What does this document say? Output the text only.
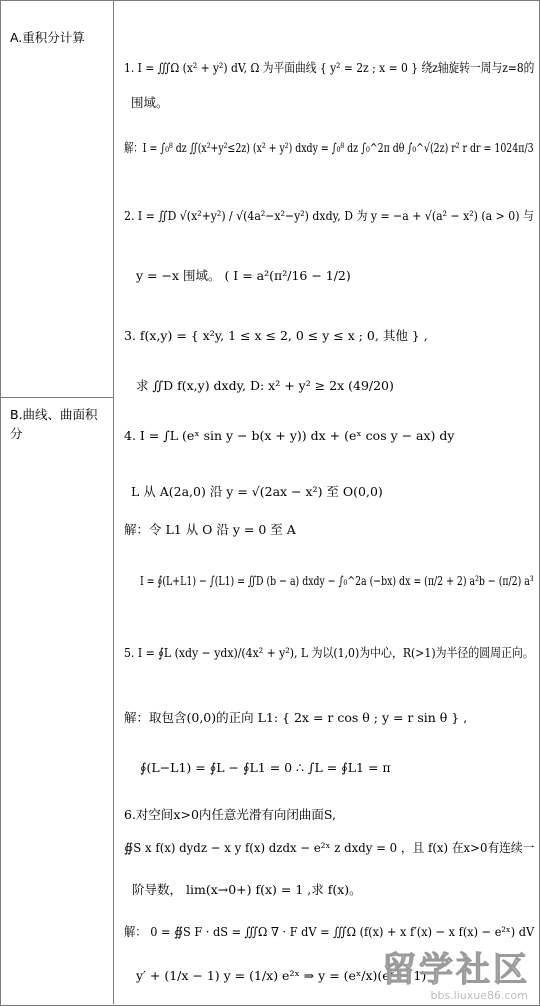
A.重积分计算
B.曲线、曲面积分
1. I = ∭Ω (x² + y²) dV, Ω 为平面曲线 { y² = 2z ; x = 0 } 绕z轴旋转一周与z=8的
围域。
解：I = ∫₀⁸ dz ∬(x²+y²≤2z) (x² + y²) dxdy = ∫₀⁸ dz ∫₀^2π dθ ∫₀^√(2z) r² r dr = 1024π/3
2. I = ∬D √(x²+y²) / √(4a²−x²−y²) dxdy, D 为 y = −a + √(a² − x²) (a > 0) 与
y = −x 围域。 ( I = a²(π²/16 − 1/2)
3. f(x,y) = { x²y, 1 ≤ x ≤ 2, 0 ≤ y ≤ x ; 0, 其他 } ,
求 ∬D f(x,y) dxdy, D: x² + y² ≥ 2x (49/20)
4. I = ∫L (eˣ sin y − b(x + y)) dx + (eˣ cos y − ax) dy
L 从 A(2a,0) 沿 y = √(2ax − x²) 至 O(0,0)
解：令 L1 从 O 沿 y = 0 至 A
I = ∮(L+L1) − ∫(L1) = ∬D (b − a) dxdy − ∫₀^2a (−bx) dx = (π/2 + 2) a²b − (π/2) a³
5. I = ∮L (xdy − ydx)/(4x² + y²), L 为以(1,0)为中心，R(>1)为半径的圆周正向。
解：取包含(0,0)的正向 L1: { 2x = r cos θ ; y = r sin θ } ,
∮(L−L1) = ∮L − ∮L1 = 0 ∴ ∫L = ∮L1 = π
6.对空间x>0内任意光滑有向闭曲面S,
∯S x f(x) dydz − x y f(x) dzdx − e²ˣ z dxdy = 0 ，且 f(x) 在x>0有连续一
阶导数， lim(x→0+) f(x) = 1 ,求 f(x)。
解： 0 = ∯S F · dS = ∭Ω ∇ · F dV = ∭Ω (f(x) + x f′(x) − x f(x) − e²ˣ) dV
y′ + (1/x − 1) y = (1/x) e²ˣ ⇒ y = (eˣ/x)(eˣ − 1)
留学社区
bbs.liuxue86.com
